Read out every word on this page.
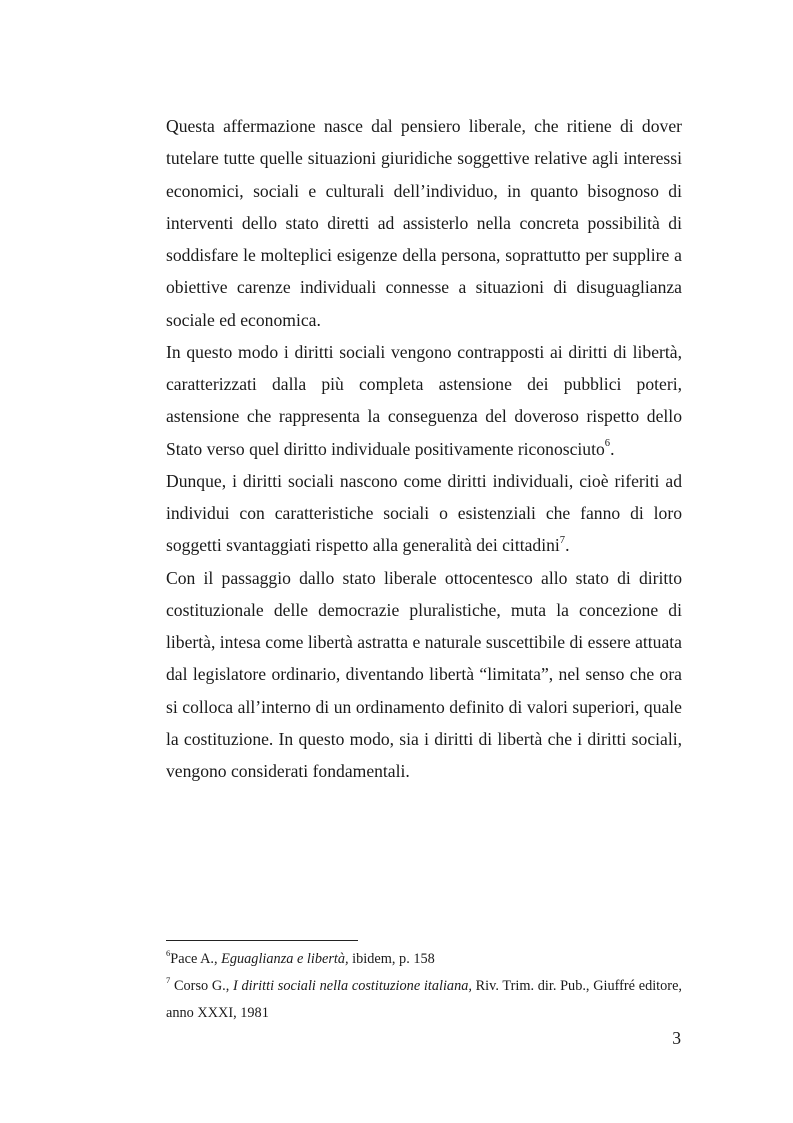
Questa affermazione nasce dal pensiero liberale, che ritiene di dover tutelare tutte quelle situazioni giuridiche soggettive relative agli interessi economici, sociali e culturali dell’individuo, in quanto bisognoso di interventi dello stato diretti ad assisterlo nella concreta possibilità di soddisfare le molteplici esigenze della persona, soprattutto per supplire a obiettive carenze individuali connesse a situazioni di disuguaglianza sociale ed economica.

In questo modo i diritti sociali vengono contrapposti ai diritti di libertà, caratterizzati dalla più completa astensione dei pubblici poteri, astensione che rappresenta la conseguenza del doveroso rispetto dello Stato verso quel diritto individuale positivamente riconosciuto$^6$.

Dunque, i diritti sociali nascono come diritti individuali, cioè riferiti ad individui con caratteristiche sociali o esistenziali che fanno di loro soggetti svantaggiati rispetto alla generalità dei cittadini$^7$.

Con il passaggio dallo stato liberale ottocentesco allo stato di diritto costituzionale delle democrazie pluralistiche, muta la concezione di libertà, intesa come libertà astratta e naturale suscettibile di essere attuata dal legislatore ordinario, diventando libertà “limitata”, nel senso che ora si colloca all’interno di un ordinamento definito di valori superiori, quale la costituzione. In questo modo, sia i diritti di libertà che i diritti sociali, vengono considerati fondamentali.

$^6$Pace A., Eguaglianza e libertà, ibidem, p. 158

$^7$ Corso G., I diritti sociali nella costituzione italiana, Riv. Trim. dir. Pub., Giuffré editore, anno XXXI, 1981

3
